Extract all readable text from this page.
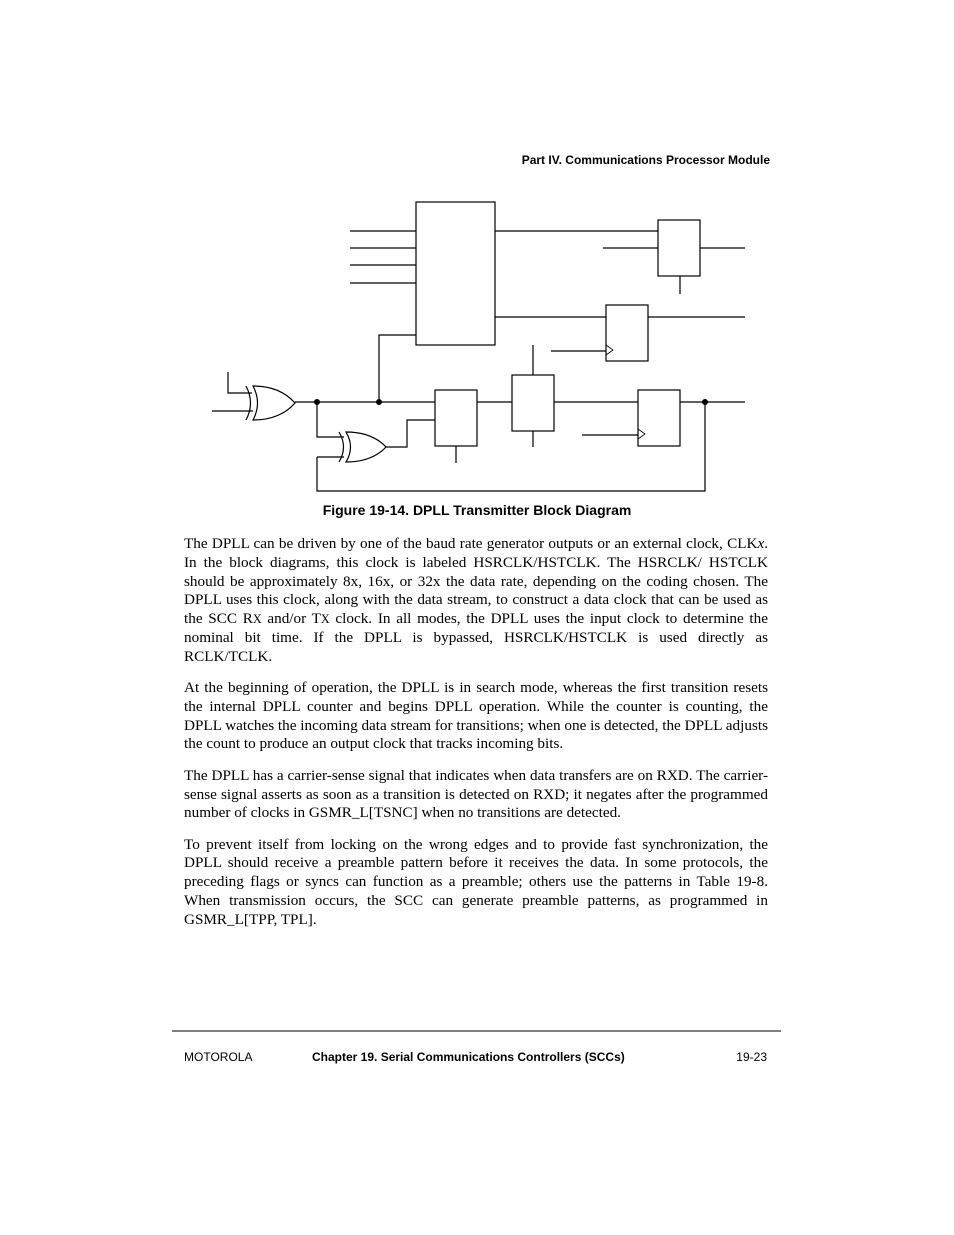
Part IV. Communications Processor Module
Figure 19-14. DPLL Transmitter Block Diagram

The DPLL can be driven by one of the baud rate generator outputs or an external clock, CLKx. In the block diagrams, this clock is labeled HSRCLK/HSTCLK. The HSRCLK/ HSTCLK should be approximately 8x, 16x, or 32x the data rate, depending on the coding chosen. The DPLL uses this clock, along with the data stream, to construct a data clock that can be used as the SCC RX and/or TX clock. In all modes, the DPLL uses the input clock to determine the nominal bit time. If the DPLL is bypassed, HSRCLK/HSTCLK is used directly as RCLK/TCLK.

At the beginning of operation, the DPLL is in search mode, whereas the first transition resets the internal DPLL counter and begins DPLL operation. While the counter is counting, the DPLL watches the incoming data stream for transitions; when one is detected, the DPLL adjusts the count to produce an output clock that tracks incoming bits.

The DPLL has a carrier-sense signal that indicates when data transfers are on RXD. The carrier-sense signal asserts as soon as a transition is detected on RXD; it negates after the programmed number of clocks in GSMR_L[TSNC] when no transitions are detected.

To prevent itself from locking on the wrong edges and to provide fast synchronization, the DPLL should receive a preamble pattern before it receives the data. In some protocols, the preceding flags or syncs can function as a preamble; others use the patterns in Table 19-8. When transmission occurs, the SCC can generate preamble patterns, as programmed in GSMR_L[TPP, TPL].

MOTOROLA	Chapter 19. Serial Communications Controllers (SCCs)	19-23
